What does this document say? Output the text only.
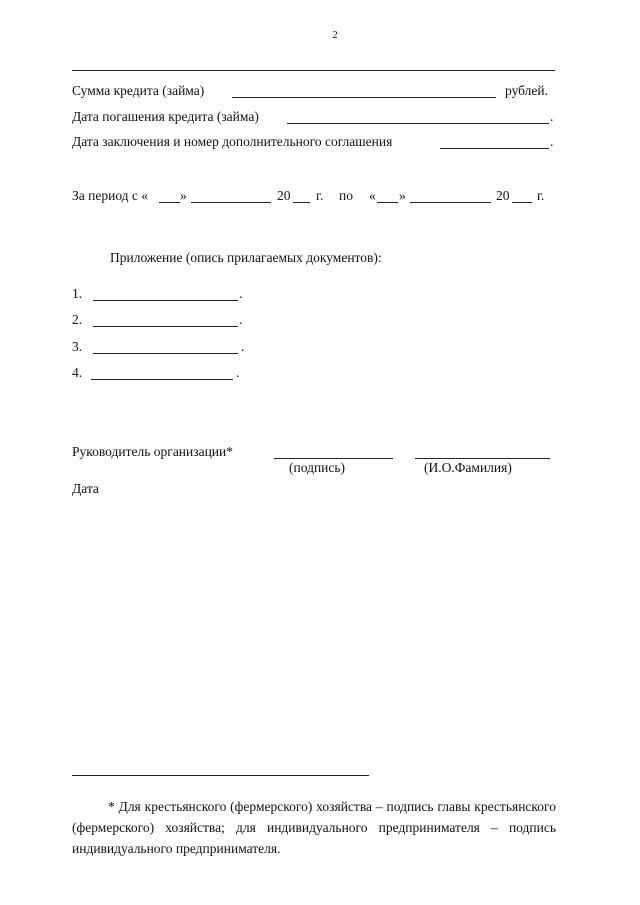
2
Сумма кредита (займа)	рублей.
Дата погашения кредита (займа)	.
Дата заключения и номер дополнительного соглашения	.
За период с « »	20 г. по « »	20 г.
Приложение (опись прилагаемых документов):
1.	.
2.	.
3.	.
4.	.
Руководитель организации*
(подпись)	(И.О.Фамилия)
Дата
* Для крестьянского (фермерского) хозяйства – подпись главы крестьянского (фермерского) хозяйства; для индивидуального предпринимателя – подпись индивидуального предпринимателя.
